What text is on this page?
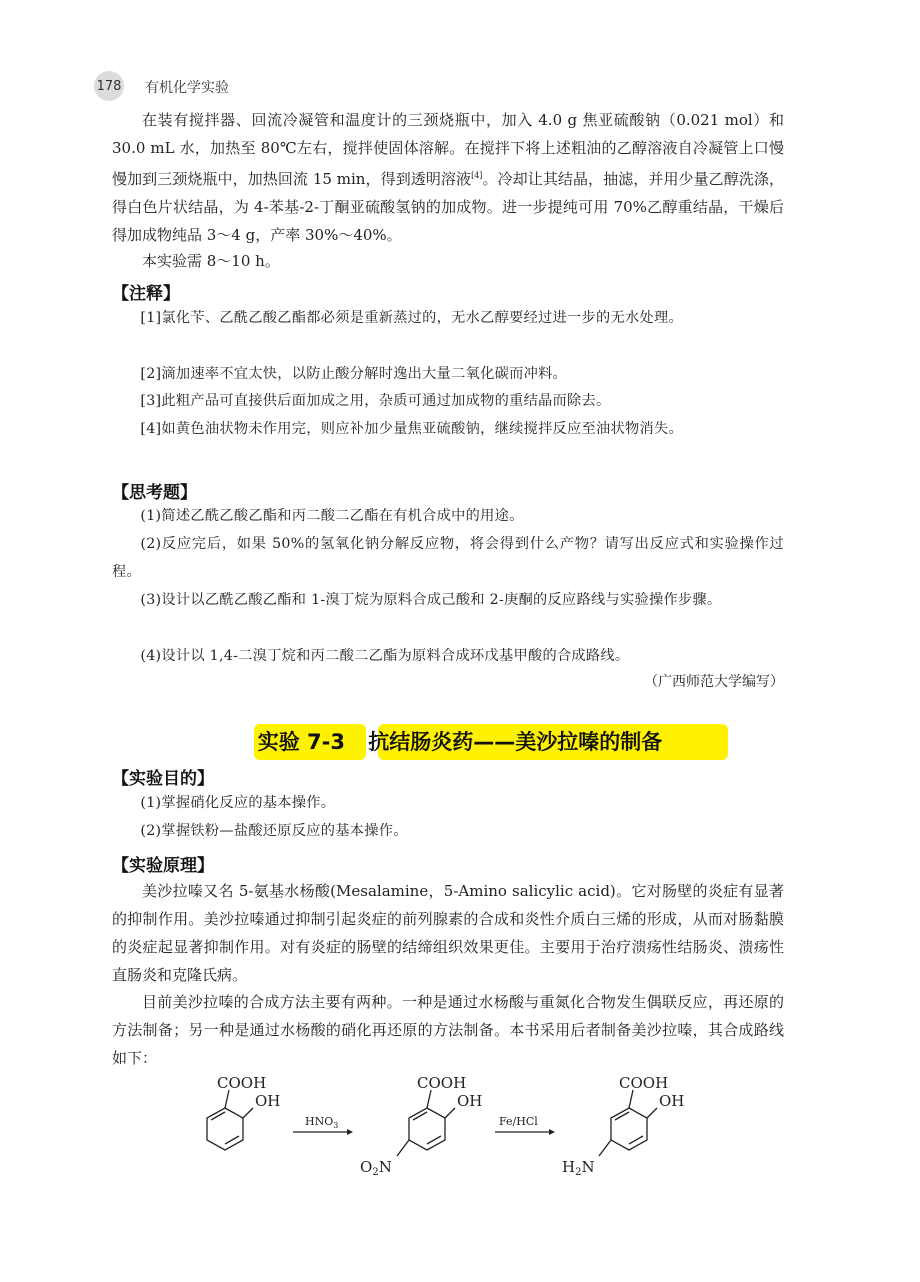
178 有机化学实验

在装有搅拌器、回流冷凝管和温度计的三颈烧瓶中，加入 4.0 g 焦亚硫酸钠（0.021 mol）和 30.0 mL 水，加热至 80℃左右，搅拌使固体溶解。在搅拌下将上述粗油的乙醇溶液自冷凝管上口慢慢加到三颈烧瓶中，加热回流 15 min，得到透明溶液[4]。冷却让其结晶，抽滤，并用少量乙醇洗涤，得白色片状结晶，为 4-苯基-2-丁酮亚硫酸氢钠的加成物。进一步提纯可用 70%乙醇重结晶，干燥后得加成物纯品 3～4 g，产率 30%～40%。

本实验需 8～10 h。

【注释】

[1]氯化苄、乙酰乙酸乙酯都必须是重新蒸过的，无水乙醇要经过进一步的无水处理。

[2]滴加速率不宜太快，以防止酸分解时逸出大量二氧化碳而冲料。

[3]此粗产品可直接供后面加成之用，杂质可通过加成物的重结晶而除去。

[4]如黄色油状物未作用完，则应补加少量焦亚硫酸钠，继续搅拌反应至油状物消失。

【思考题】

(1)简述乙酰乙酸乙酯和丙二酸二乙酯在有机合成中的用途。

(2)反应完后，如果 50%的氢氧化钠分解反应物，将会得到什么产物？请写出反应式和实验操作过程。

(3)设计以乙酰乙酸乙酯和 1-溴丁烷为原料合成己酸和 2-庚酮的反应路线与实验操作步骤。

(4)设计以 1,4-二溴丁烷和丙二酸二乙酯为原料合成环戊基甲酸的合成路线。

（广西师范大学编写）
实验 7-3 抗结肠炎药——美沙拉嗪的制备
【实验目的】

(1)掌握硝化反应的基本操作。

(2)掌握铁粉—盐酸还原反应的基本操作。

【实验原理】

美沙拉嗪又名 5-氨基水杨酸(Mesalamine，5-Amino salicylic acid)。它对肠壁的炎症有显著的抑制作用。美沙拉嗪通过抑制引起炎症的前列腺素的合成和炎性介质白三烯的形成，从而对肠黏膜的炎症起显著抑制作用。对有炎症的肠壁的结缔组织效果更佳。主要用于治疗溃疡性结肠炎、溃疡性直肠炎和克隆氏病。

目前美沙拉嗪的合成方法主要有两种。一种是通过水杨酸与重氮化合物发生偶联反应，再还原的方法制备；另一种是通过水杨酸的硝化再还原的方法制备。本书采用后者制备美沙拉嗪，其合成路线如下：

COOH
OH
$HNO_3$
COOH
OH
$O_2N$
Fe/HCl
COOH
OH
$H_2N$
